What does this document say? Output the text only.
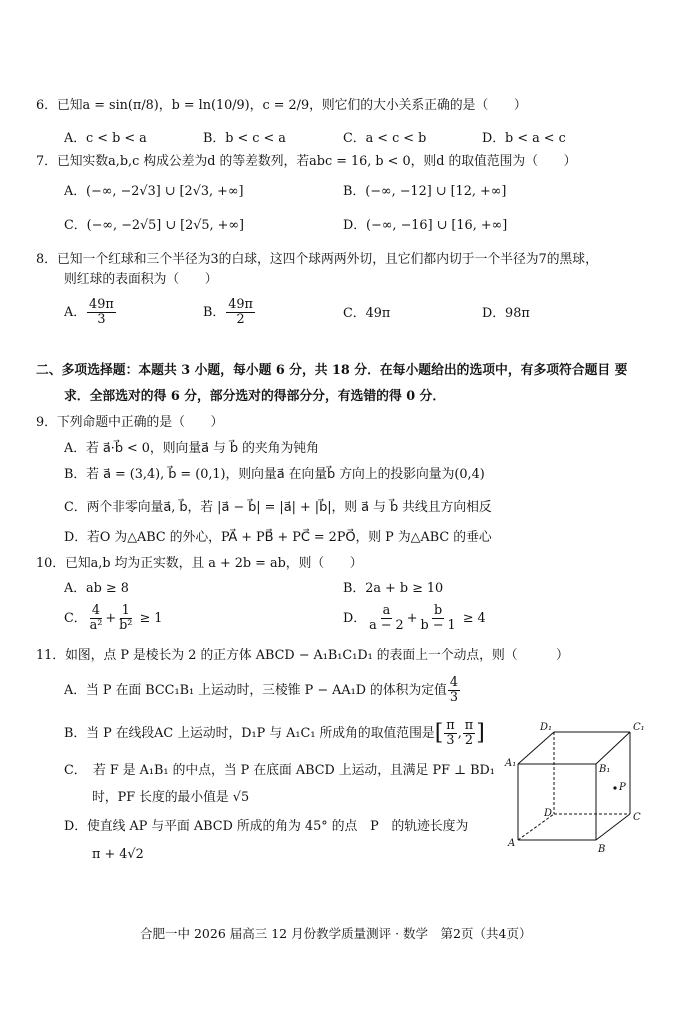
6．已知a = sin(π/8)，b = ln(10/9)，c = 2/9，则它们的大小关系正确的是（　　）
A．c < b < a	B．b < c < a	C．a < c < b	D．b < a < c
7．已知实数a,b,c 构成公差为d 的等差数列，若abc = 16, b < 0，则d 的取值范围为（　　）
A．(−∞, −2√3] ∪ [2√3, +∞]	B．(−∞, −12] ∪ [12, +∞]
C．(−∞, −2√5] ∪ [2√5, +∞]	D．(−∞, −16] ∪ [16, +∞]
8．已知一个红球和三个半径为3的白球，这四个球两两外切，且它们都内切于一个半径为7的黑球，
则红球的表面积为（　　）
A． $\frac{49\pi}{3}$	B． $\frac{49\pi}{2}$	C．49π	D．98π
二、多项选择题：本题共 3 小题，每小题 6 分，共 18 分．在每小题给出的选项中，有多项符合题目 要
求．全部选对的得 6 分，部分选对的得部分分，有选错的得 0 分．
9．下列命题中正确的是（　　）
A．若 a⃗·b⃗ < 0，则向量a⃗ 与 b⃗ 的夹角为钝角
B．若 a⃗ = (3,4), b⃗ = (0,1)，则向量a⃗ 在向量b⃗ 方向上的投影向量为(0,4)
C．两个非零向量a⃗, b⃗，若 |a⃗ − b⃗| = |a⃗| + |b⃗|，则 a⃗ 与 b⃗ 共线且方向相反
D．若O 为△ABC 的外心，PA⃗ + PB⃗ + PC⃗ = 2PO⃗，则 P 为△ABC 的垂心
10．已知a,b 均为正实数，且 a + 2b = ab，则（　　）
A．ab ≥ 8	B．2a + b ≥ 10
C． $\frac{4}{\text{a²}} + \frac{1}{\text{b²}} \ge 1$	D． $\frac{a}{a - 2} + \frac{b}{b - 1} \ge 4$
11．如图，点 P 是棱长为 2 的正方体 ABCD − A₁B₁C₁D₁ 的表面上一个动点，则（　　　）
A．当 P 在面 BCC₁B₁ 上运动时，三棱锥 P − AA₁D 的体积为定值 $\frac{4}{3}$
B．当 P 在线段AC 上运动时，D₁P 与 A₁C₁ 所成角的取值范围是[ $\frac{\pi}{3}$ , $\frac{\pi}{2}$ ]
C．　若 F 是 A₁B₁ 的中点，当 P 在底面 ABCD 上运动，且满足 PF ⊥ BD₁
时，PF 长度的最小值是 √5
D．使直线 AP 与平面 ABCD 所成的角为 45° 的点　P　的轨迹长度为
π + 4√2
D₁	C₁
A₁
B₁
P
D	C
A
B
合肥一中 2026 届高三 12 月份教学质量测评 · 数学　第2页（共4页）
